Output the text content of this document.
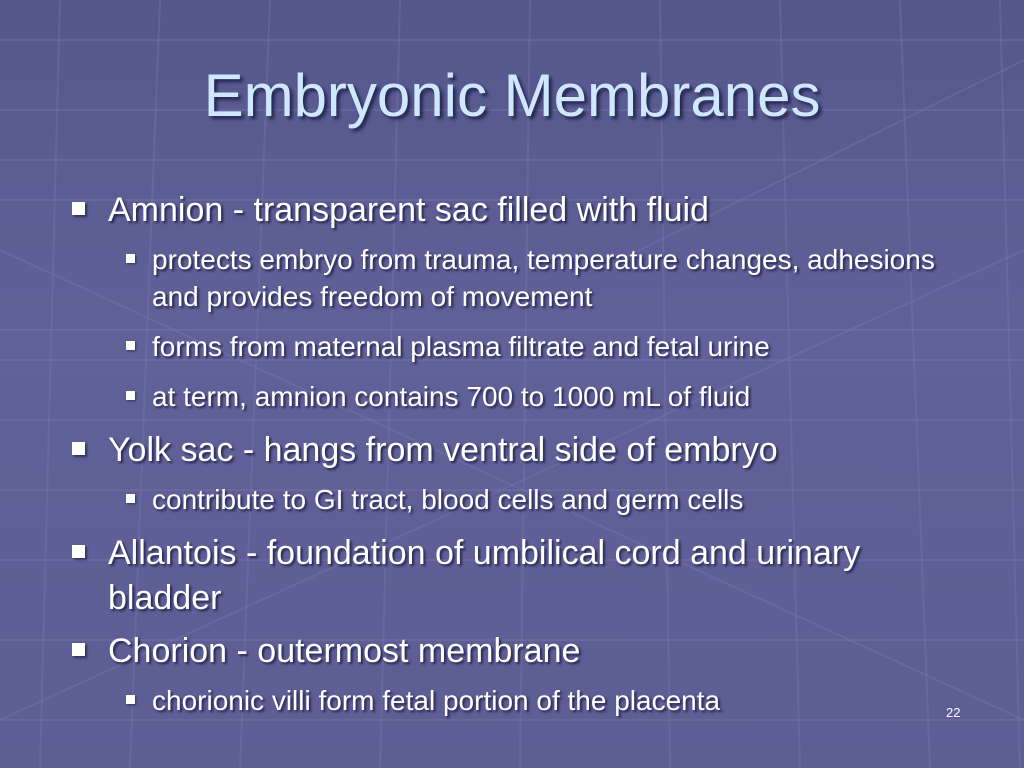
Embryonic Membranes
Amnion - transparent sac filled with fluid
protects embryo from trauma, temperature changes, adhesions and provides freedom of movement
forms from maternal plasma filtrate and fetal urine
at term, amnion contains 700 to 1000 mL of fluid
Yolk sac - hangs from ventral side of embryo
contribute to GI tract, blood cells and germ cells
Allantois - foundation of umbilical cord and urinary bladder
Chorion - outermost membrane
chorionic villi form fetal portion of the placenta	22
